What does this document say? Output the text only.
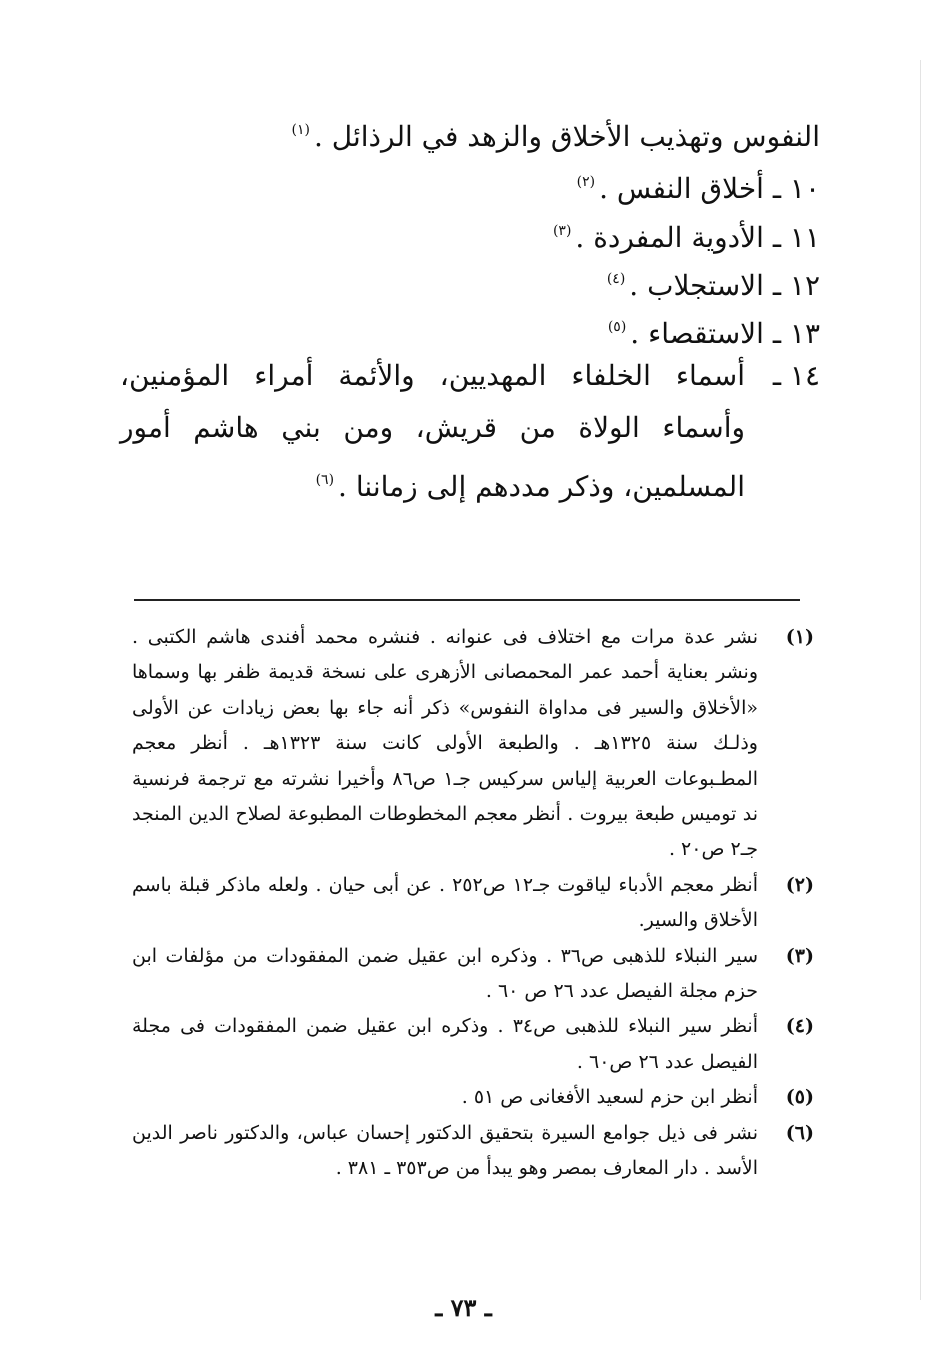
النفوس وتهذيب الأخلاق والزهد في الرذائل .$^{(١)}$
١٠ ـ أخلاق النفس .$^{(٢)}$
١١ ـ الأدوية المفردة .$^{(٣)}$
١٢ ـ الاستجلاب .$^{(٤)}$
١٣ ـ الاستقصاء .$^{(٥)}$
١٤ ـ
أسماء الخلفاء المهديين، والأئمة أمراء المؤمنين، وأسماء الولاة من قريش، ومن بني هاشم أمور المسلمين، وذكر مددهم إلى زماننا .$^{(٦)}$
(١)
نشر عدة مرات مع اختلاف فى عنوانه . فنشره محمد أفندى هاشم الكتبى . ونشر بعناية أحمد عمر المحمصانى الأزهرى على نسخة قديمة ظفر بها وسماها «الأخلاق والسير فى مداواة النفوس» ذكر أنه جاء بها بعض زيادات عن الأولى وذلـك سنة ١٣٢٥هـ . والطبعة الأولى كانت سنة ١٣٢٣هـ . أنظر معجم المطـبوعات العربية إلياس سركيس جـ١ ص٨٦ وأخيرا نشرته مع ترجمة فرنسية ند توميس طبعة بيروت . أنظر معجم المخطوطات المطبوعة لصلاح الدين المنجد جـ٢ ص٢٠ .
(٢)
أنظر معجم الأدباء لياقوت جـ١٢ ص٢٥٢ . عن أبى حيان . ولعله ماذكر قبلة باسم الأخلاق والسير.
(٣)
سير النبلاء للذهبى ص٣٦ . وذكره ابن عقيل ضمن المفقودات من مؤلفات ابن حزم مجلة الفيصل عدد ٢٦ ص ٦٠ .
(٤)
أنظر سير النبلاء للذهبى ص٣٤ . وذكره ابن عقيل ضمن المفقودات فى مجلة الفيصل عدد ٢٦ ص٦٠ .
(٥)
أنظر ابن حزم لسعيد الأفغانى ص ٥١ .
(٦)
نشر فى ذيل جوامع السيرة بتحقيق الدكتور إحسان عباس، والدكتور ناصر الدين الأسد . دار المعارف بمصر وهو يبدأ من ص٣٥٣ ـ ٣٨١ .
ـ ٧٣ ـ
